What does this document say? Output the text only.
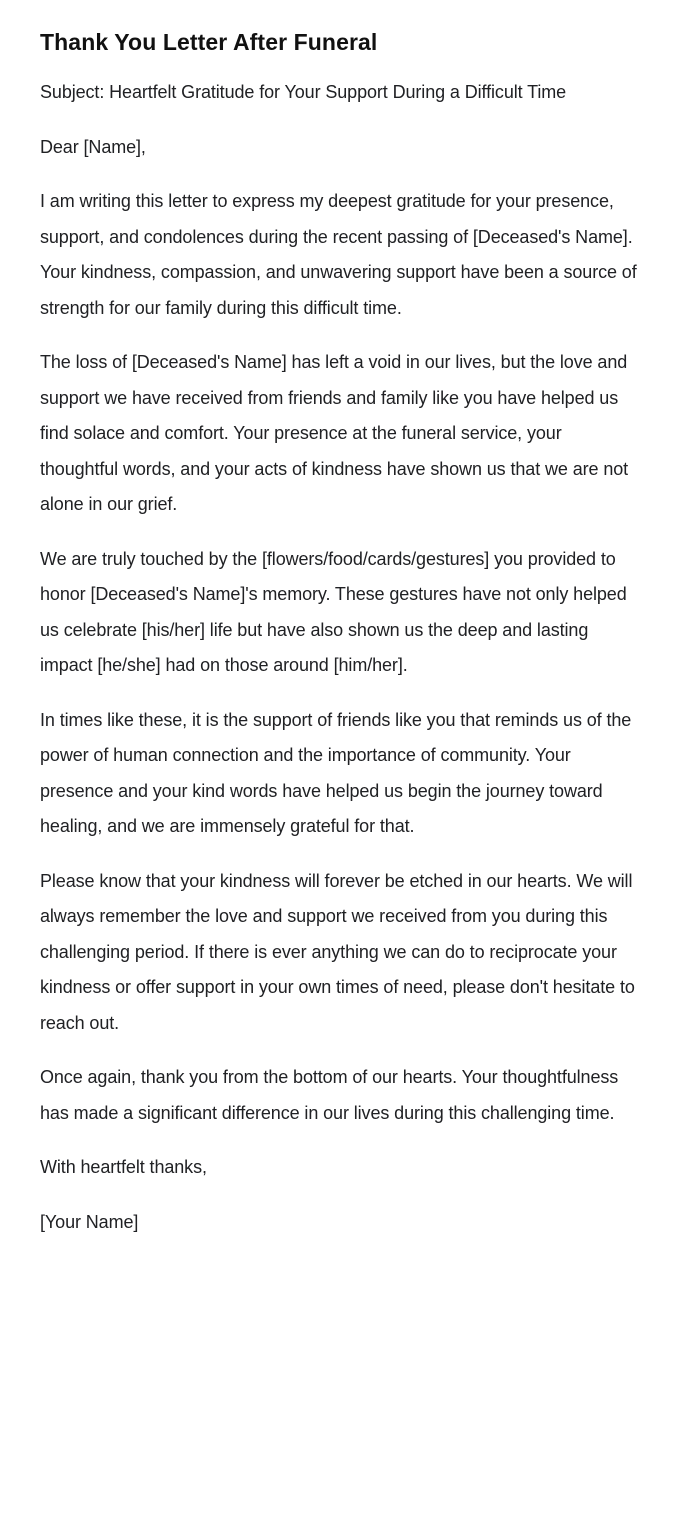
Thank You Letter After Funeral

Subject: Heartfelt Gratitude for Your Support During a Difficult Time

Dear [Name],

I am writing this letter to express my deepest gratitude for your presence, support, and condolences during the recent passing of [Deceased's Name]. Your kindness, compassion, and unwavering support have been a source of strength for our family during this difficult time.

The loss of [Deceased's Name] has left a void in our lives, but the love and support we have received from friends and family like you have helped us find solace and comfort. Your presence at the funeral service, your thoughtful words, and your acts of kindness have shown us that we are not alone in our grief.

We are truly touched by the [flowers/food/cards/gestures] you provided to honor [Deceased's Name]'s memory. These gestures have not only helped us celebrate [his/her] life but have also shown us the deep and lasting impact [he/she] had on those around [him/her].

In times like these, it is the support of friends like you that reminds us of the power of human connection and the importance of community. Your presence and your kind words have helped us begin the journey toward healing, and we are immensely grateful for that.

Please know that your kindness will forever be etched in our hearts. We will always remember the love and support we received from you during this challenging period. If there is ever anything we can do to reciprocate your kindness or offer support in your own times of need, please don't hesitate to reach out.

Once again, thank you from the bottom of our hearts. Your thoughtfulness has made a significant difference in our lives during this challenging time.

With heartfelt thanks,

[Your Name]
